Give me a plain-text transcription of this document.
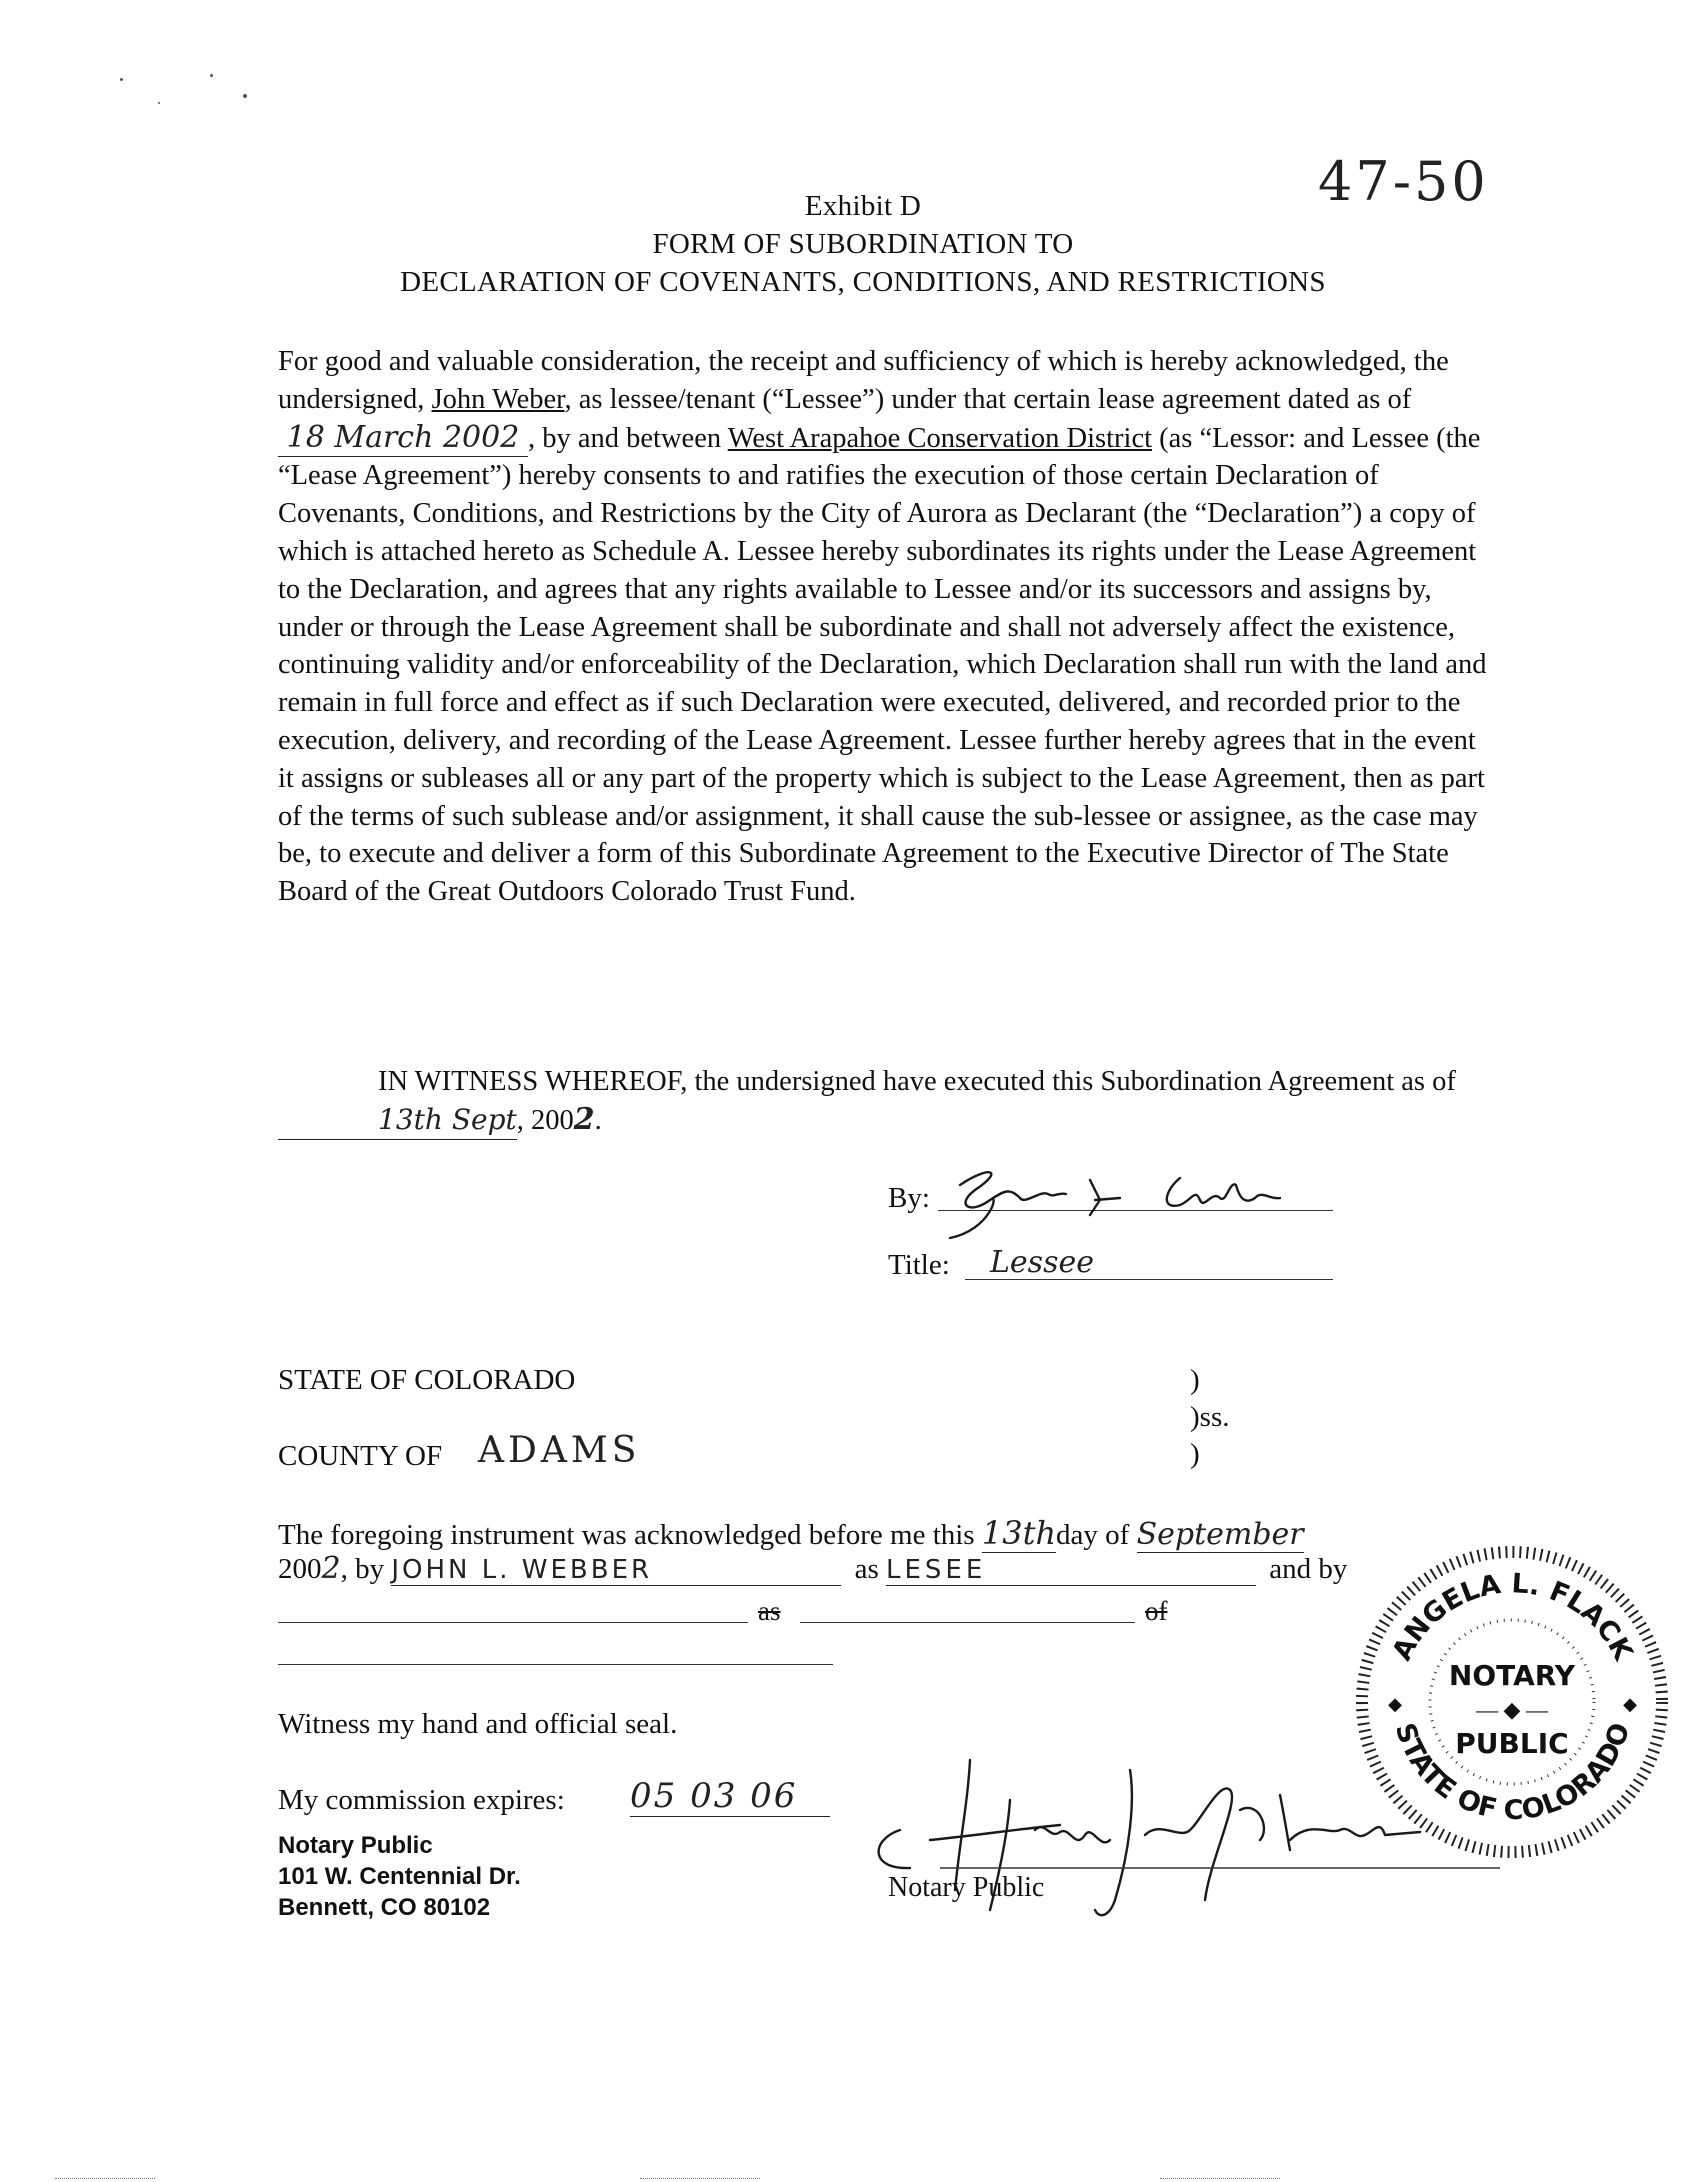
47-50
Exhibit D
FORM OF SUBORDINATION TO
DECLARATION OF COVENANTS, CONDITIONS, AND RESTRICTIONS
For good and valuable consideration, the receipt and sufficiency of which is hereby acknowledged, the undersigned, John Weber, as lessee/tenant (“Lessee”) under that certain lease agreement dated as of 18 March 2002 , by and between West Arapahoe Conservation District (as “Lessor: and Lessee (the “Lease Agreement”) hereby consents to and ratifies the execution of those certain Declaration of Covenants, Conditions, and Restrictions by the City of Aurora as Declarant (the “Declaration”) a copy of which is attached hereto as Schedule A. Lessee hereby subordinates its rights under the Lease Agreement to the Declaration, and agrees that any rights available to Lessee and/or its successors and assigns by, under or through the Lease Agreement shall be subordinate and shall not adversely affect the existence, continuing validity and/or enforceability of the Declaration, which Declaration shall run with the land and remain in full force and effect as if such Declaration were executed, delivered, and recorded prior to the execution, delivery, and recording of the Lease Agreement. Lessee further hereby agrees that in the event it assigns or subleases all or any part of the property which is subject to the Lease Agreement, then as part of the terms of such sublease and/or assignment, it shall cause the sub-lessee or assignee, as the case may be, to execute and deliver a form of this Subordinate Agreement to the Executive Director of The State Board of the Great Outdoors Colorado Trust Fund.
IN WITNESS WHEREOF, the undersigned have executed this Subordination Agreement as of13th Sept, 2002.
By:
Title: Lessee
STATE OF COLORADO	)
)ss.
)
COUNTY OF ADAMS
The foregoing instrument was acknowledged before me this 13thday of September
2002, by JOHN L. WEBBER	as LESEE	and by
as	of
Witness my hand and official seal.
My commission expires: 05 03 06
Notary Public
101 W. Centennial Dr.
Bennett, CO 80102
Notary Public
ANGELA L. FLACK
STATE OF COLORADO
NOTARY
— ◆ —
PUBLIC
◆	◆
